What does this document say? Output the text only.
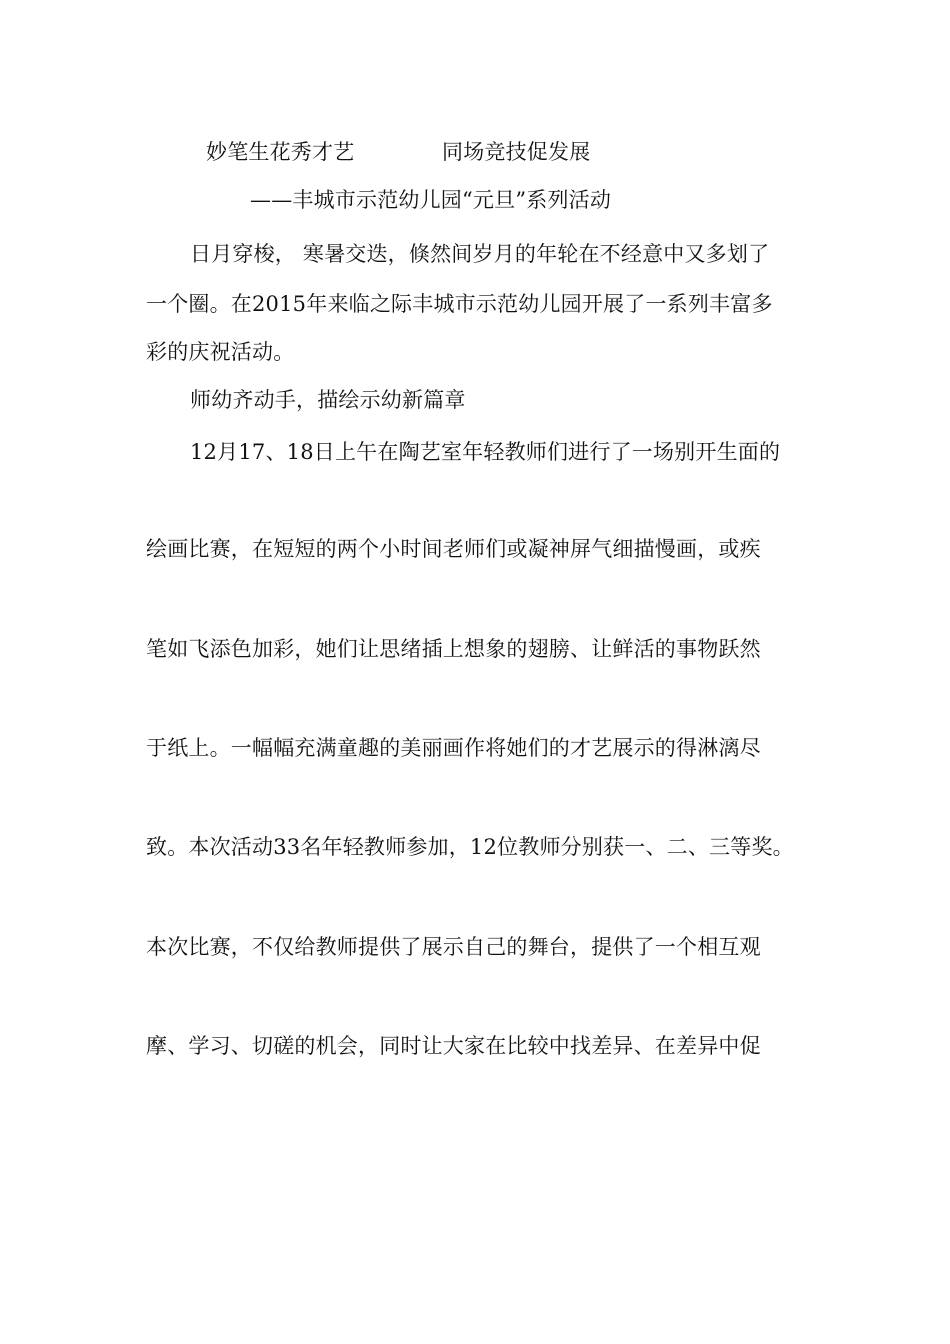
妙笔生花秀才艺	同场竞技促发展
——丰城市示范幼儿园“元旦”系列活动
日月穿梭， 寒暑交迭，倏然间岁月的年轮在不经意中又多划了
一个圈。在2015年来临之际丰城市示范幼儿园开展了一系列丰富多
彩的庆祝活动。
师幼齐动手，描绘示幼新篇章
12月17、18日上午在陶艺室年轻教师们进行了一场别开生面的
绘画比赛，在短短的两个小时间老师们或凝神屏气细描慢画，或疾
笔如飞添色加彩，她们让思绪插上想象的翅膀、让鲜活的事物跃然
于纸上。一幅幅充满童趣的美丽画作将她们的才艺展示的得淋漓尽
致。本次活动33名年轻教师参加，12位教师分别获一、二、三等奖。
本次比赛，不仅给教师提供了展示自己的舞台，提供了一个相互观
摩、学习、切磋的机会，同时让大家在比较中找差异、在差异中促
